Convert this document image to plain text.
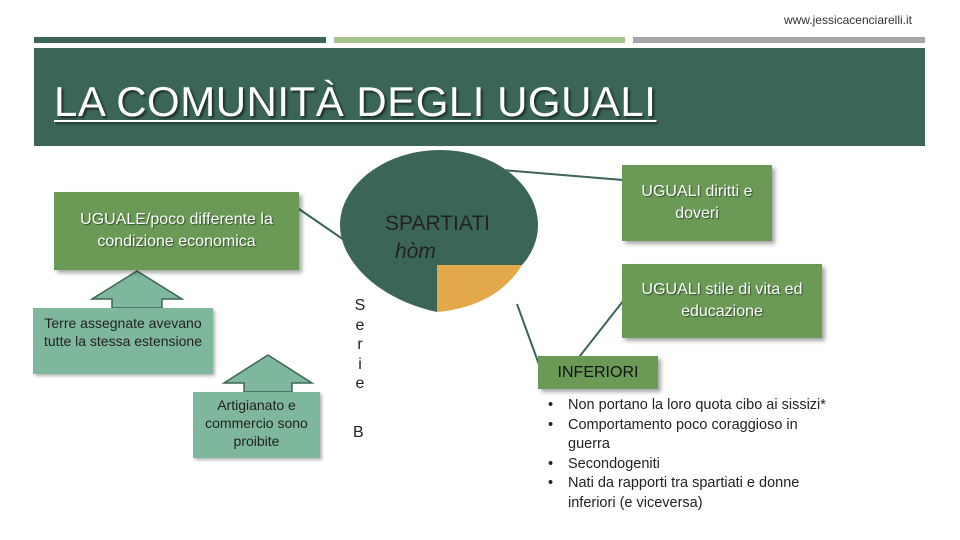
www.jessicacenciarelli.it
LA COMUNITÀ DEGLI UGUALI
UGUALE/poco differente la condizione economica
Terre assegnate avevano tutte la stessa estensione
Artigianato e commercio sono proibite
SPARTIATI
hòm
S
e
r
i
e
B
UGUALI diritti e doveri
UGUALI stile di vita ed educazione
INFERIORI
• Non portano la loro quota cibo ai sissizi*
• Comportamento poco coraggioso in guerra
• Secondogeniti
• Nati da rapporti tra spartiati e donne inferiori (e viceversa)
